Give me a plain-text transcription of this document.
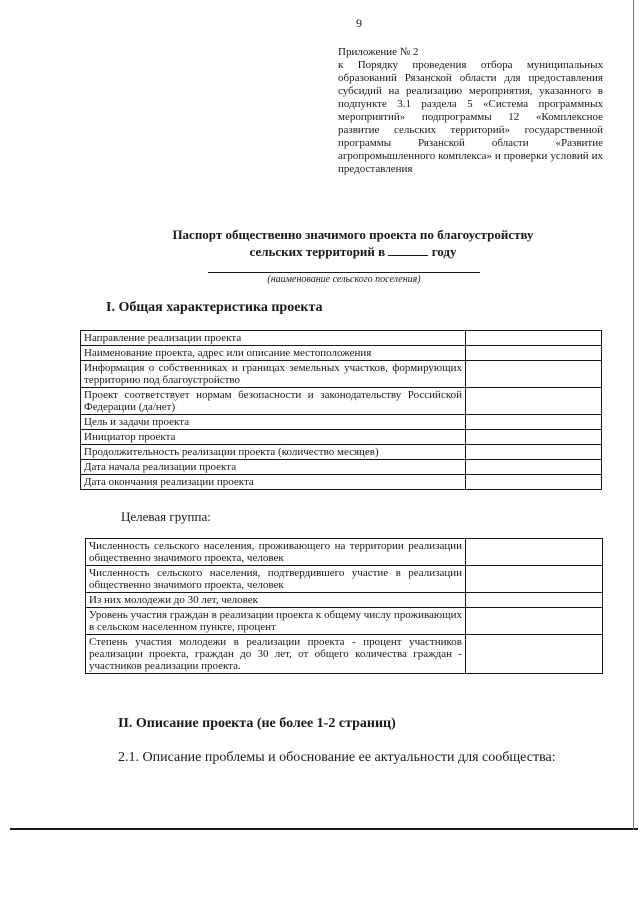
9
Приложение № 2
к Порядку проведения отбора муниципальных образований Рязанской области для предоставления субсидий на реализацию мероприятия, указанного в подпункте 3.1 раздела 5 «Система программных мероприятий» подпрограммы 12 «Комплексное развитие сельских территорий» государственной программы Рязанской области «Развитие агропромышленного комплекса» и проверки условий их предоставления
Паспорт общественно значимого проекта по благоустройству
сельских территорий в	году
(наименование сельского поселения)
I. Общая характеристика проекта
Направление реализации проекта	
Наименование проекта, адрес или описание местоположения	
Информация о собственниках и границах земельных участков, формирующих территорию под благоустройство	
Проект соответствует нормам безопасности и законодательству Российской Федерации (да/нет)	
Цель и задачи проекта	
Инициатор проекта	
Продолжительность реализации проекта (количество месяцев)	
Дата начала реализации проекта	
Дата окончания реализации проекта	
Целевая группа:
Численность сельского населения, проживающего на территории реализации общественно значимого проекта, человек	
Численность сельского населения, подтвердившего участие в реализации общественно значимого проекта, человек	
Из них молодежи до 30 лет, человек	
Уровень участия граждан в реализации проекта к общему числу проживающих в сельском населенном пункте, процент	
Степень участия молодежи в реализации проекта - процент участников реализации проекта, граждан до 30 лет, от общего количества граждан - участников реализации проекта.	
II. Описание проекта (не более 1-2 страниц)
2.1. Описание проблемы и обоснование ее актуальности для сообщества:
